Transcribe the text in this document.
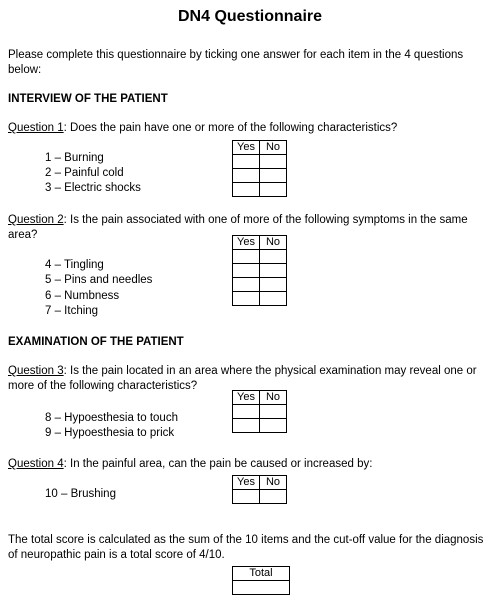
DN4 Questionnaire
Please complete this questionnaire by ticking one answer for each item in the 4 questions below:
INTERVIEW OF THE PATIENT
Question 1: Does the pain have one or more of the following characteristics?
1 – Burning
2 – Painful cold
3 – Electric shocks
Yes	No

Question 2: Is the pain associated with one of more of the following symptoms in the same area?
4 – Tingling
5 – Pins and needles
6 – Numbness
7 – Itching
Yes	No

EXAMINATION OF THE PATIENT
Question 3: Is the pain located in an area where the physical examination may reveal one or more of the following characteristics?
8 – Hypoesthesia to touch
9 – Hypoesthesia to prick
Yes	No

Question 4: In the painful area, can the pain be caused or increased by:
10 – Brushing
Yes	No

The total score is calculated as the sum of the 10 items and the cut-off value for the diagnosis of neuropathic pain is a total score of 4/10.
Total
